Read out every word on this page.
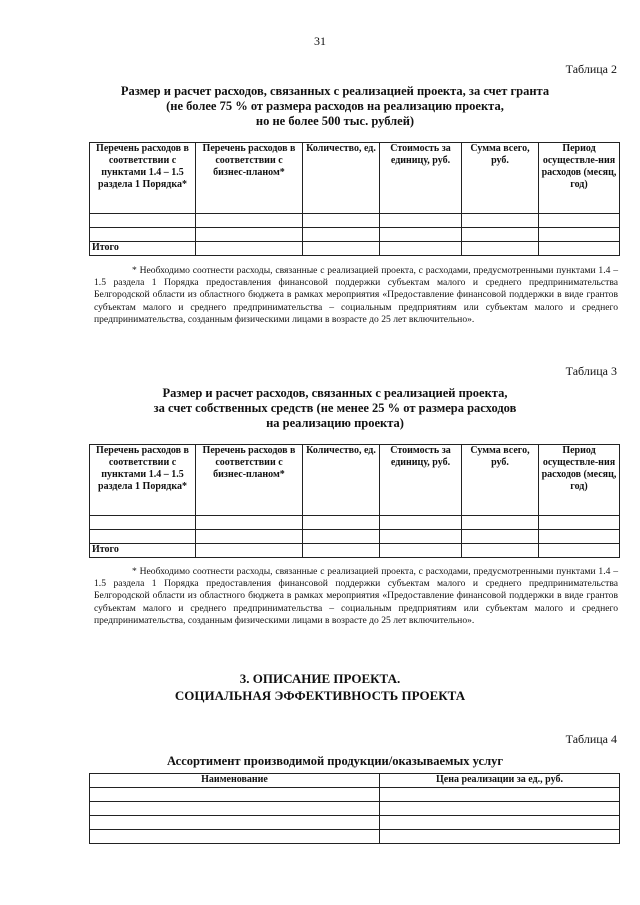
31
Таблица 2
Размер и расчет расходов, связанных с реализацией проекта, за счет гранта
(не более 75 % от размера расходов на реализацию проекта,
но не более 500 тыс. рублей)
Перечень расходов в соответствии с пунктами 1.4 – 1.5 раздела 1 Порядка*	Перечень расходов в соответствии с бизнес-планом*	Количество, ед.	Стоимость за единицу, руб.	Сумма всего, руб.	Период осуществле-ния расходов (месяц, год)

Итого					
* Необходимо соотнести расходы, связанные с реализацией проекта, с расходами, предусмотренными пунктами 1.4 – 1.5 раздела 1 Порядка предоставления финансовой поддержки субъектам малого и среднего предпринимательства Белгородской области из областного бюджета в рамках мероприятия «Предоставление финансовой поддержки в виде грантов субъектам малого и среднего предпринимательства – социальным предприятиям или субъектам малого и среднего предпринимательства, созданным физическими лицами в возрасте до 25 лет включительно».
Таблица 3
Размер и расчет расходов, связанных с реализацией проекта,
за счет собственных средств (не менее 25 % от размера расходов
на реализацию проекта)
Перечень расходов в соответствии с пунктами 1.4 – 1.5 раздела 1 Порядка*	Перечень расходов в соответствии с бизнес-планом*	Количество, ед.	Стоимость за единицу, руб.	Сумма всего, руб.	Период осуществле-ния расходов (месяц, год)

Итого					
* Необходимо соотнести расходы, связанные с реализацией проекта, с расходами, предусмотренными пунктами 1.4 – 1.5 раздела 1 Порядка предоставления финансовой поддержки субъектам малого и среднего предпринимательства Белгородской области из областного бюджета в рамках мероприятия «Предоставление финансовой поддержки в виде грантов субъектам малого и среднего предпринимательства – социальным предприятиям или субъектам малого и среднего предпринимательства, созданным физическими лицами в возрасте до 25 лет включительно».
3. ОПИСАНИЕ ПРОЕКТА.
СОЦИАЛЬНАЯ ЭФФЕКТИВНОСТЬ ПРОЕКТА
Таблица 4
Ассортимент производимой продукции/оказываемых услуг
Наименование	Цена реализации за ед., руб.
